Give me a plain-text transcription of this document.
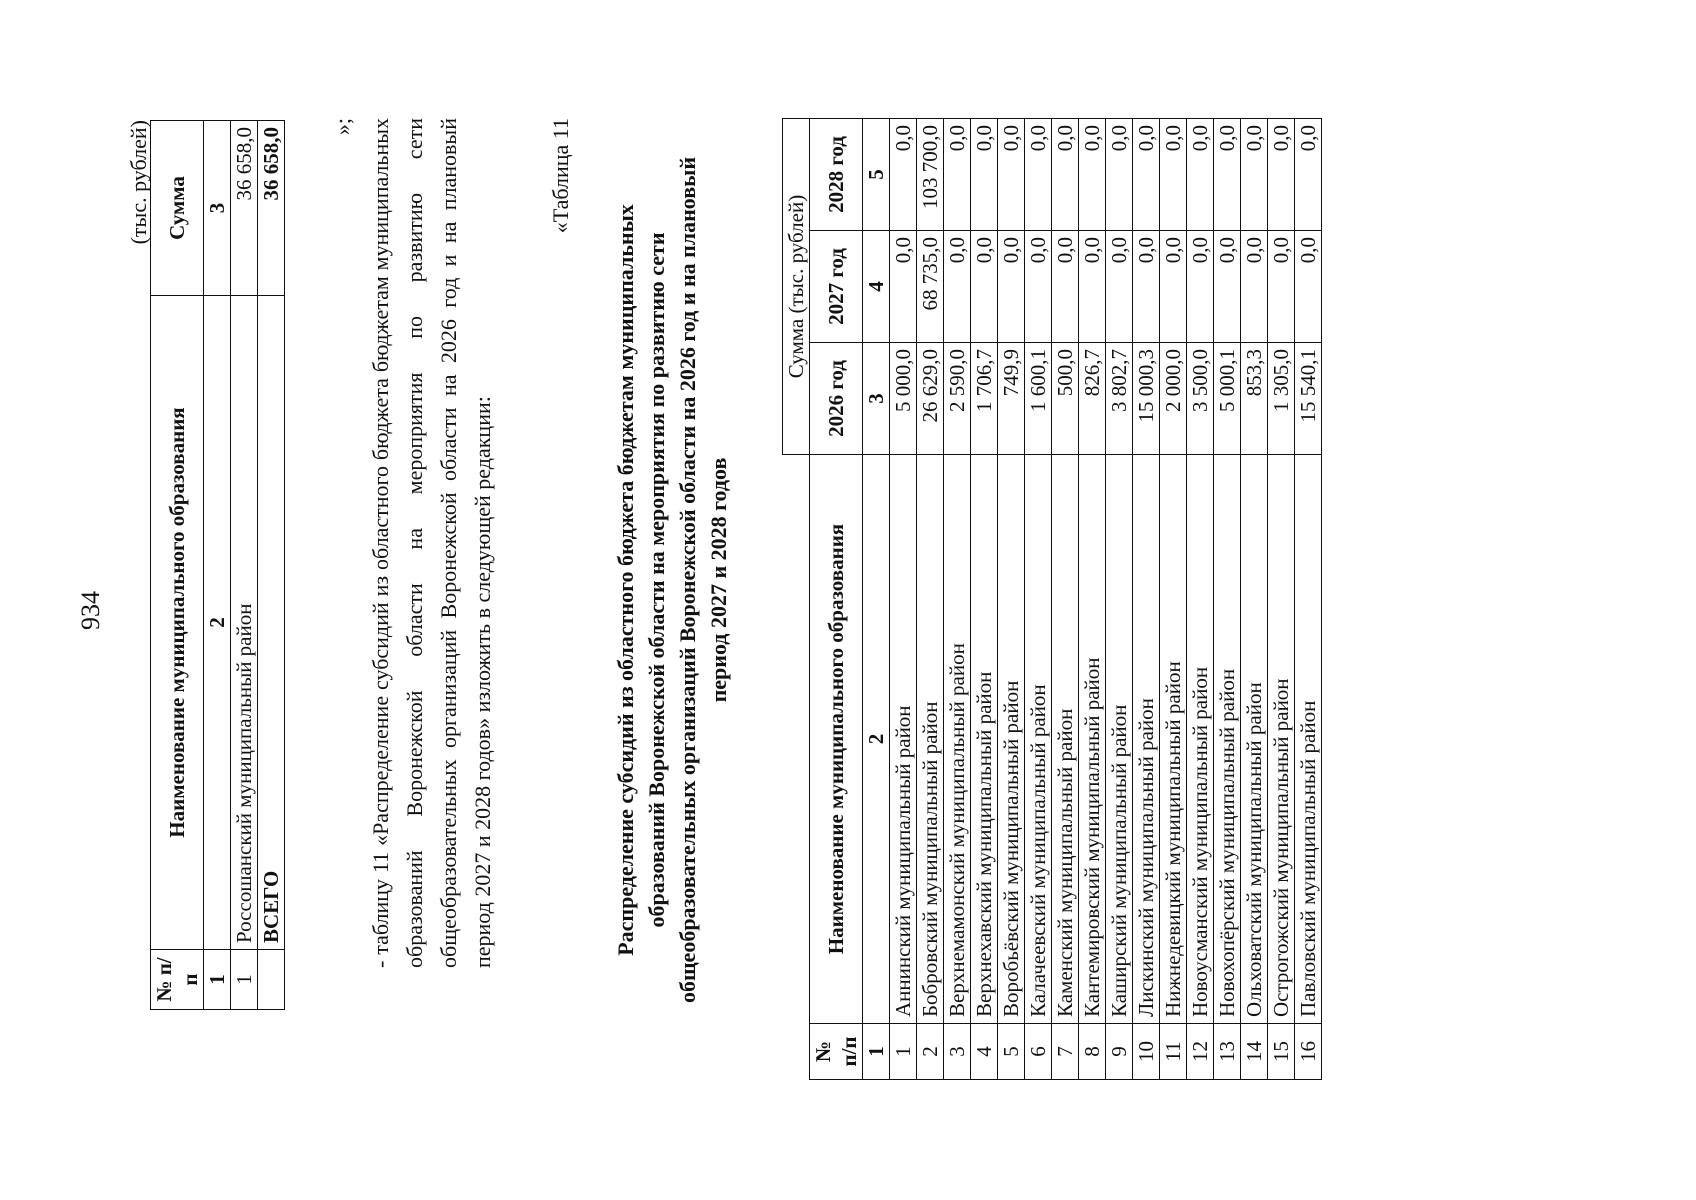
934
(тыс. рублей)
№ п/п	Наименование муниципального образования	Сумма
1	2	3
1	Россошанский муниципальный район	36 658,0
	ВСЕГО	36 658,0
»; - таблицу 11 «Распределение субсидий из областного бюджета бюджетам муниципальных образований Воронежской области на мероприятия по развитию сети общеобразовательных организаций Воронежской области на 2026 год и на плановый период 2027 и 2028 годов» изложить в следующей редакции:
«Таблица 11
Распределение субсидий из областного бюджета бюджетам муниципальных образований Воронежской области на мероприятия по развитию сети общеобразовательных организаций Воронежской области на 2026 год и на плановый период 2027 и 2028 годов
		Сумма (тыс. рублей)		
№ п/п	Наименование муниципального образования	2026 год	2027 год	2028 год
1	2	3	4	5
1	Аннинский муниципальный район	5 000,0	0,0	0,0
2	Бобровский муниципальный район	26 629,0	68 735,0	103 700,0
3	Верхнемамонский муниципальный район	2 590,0	0,0	0,0
4	Верхнехавский муниципальный район	1 706,7	0,0	0,0
5	Воробьёвский муниципальный район	749,9	0,0	0,0
6	Калачеевский муниципальный район	1 600,1	0,0	0,0
7	Каменский муниципальный район	500,0	0,0	0,0
8	Кантемировский муниципальный район	826,7	0,0	0,0
9	Каширский муниципальный район	3 802,7	0,0	0,0
10	Лискинский муниципальный район	15 000,3	0,0	0,0
11	Нижнедевицкий муниципальный район	2 000,0	0,0	0,0
12	Новоусманский муниципальный район	3 500,0	0,0	0,0
13	Новохопёрский муниципальный район	5 000,1	0,0	0,0
14	Ольховатский муниципальный район	853,3	0,0	0,0
15	Острогожский муниципальный район	1 305,0	0,0	0,0
16	Павловский муниципальный район	15 540,1	0,0	0,0
